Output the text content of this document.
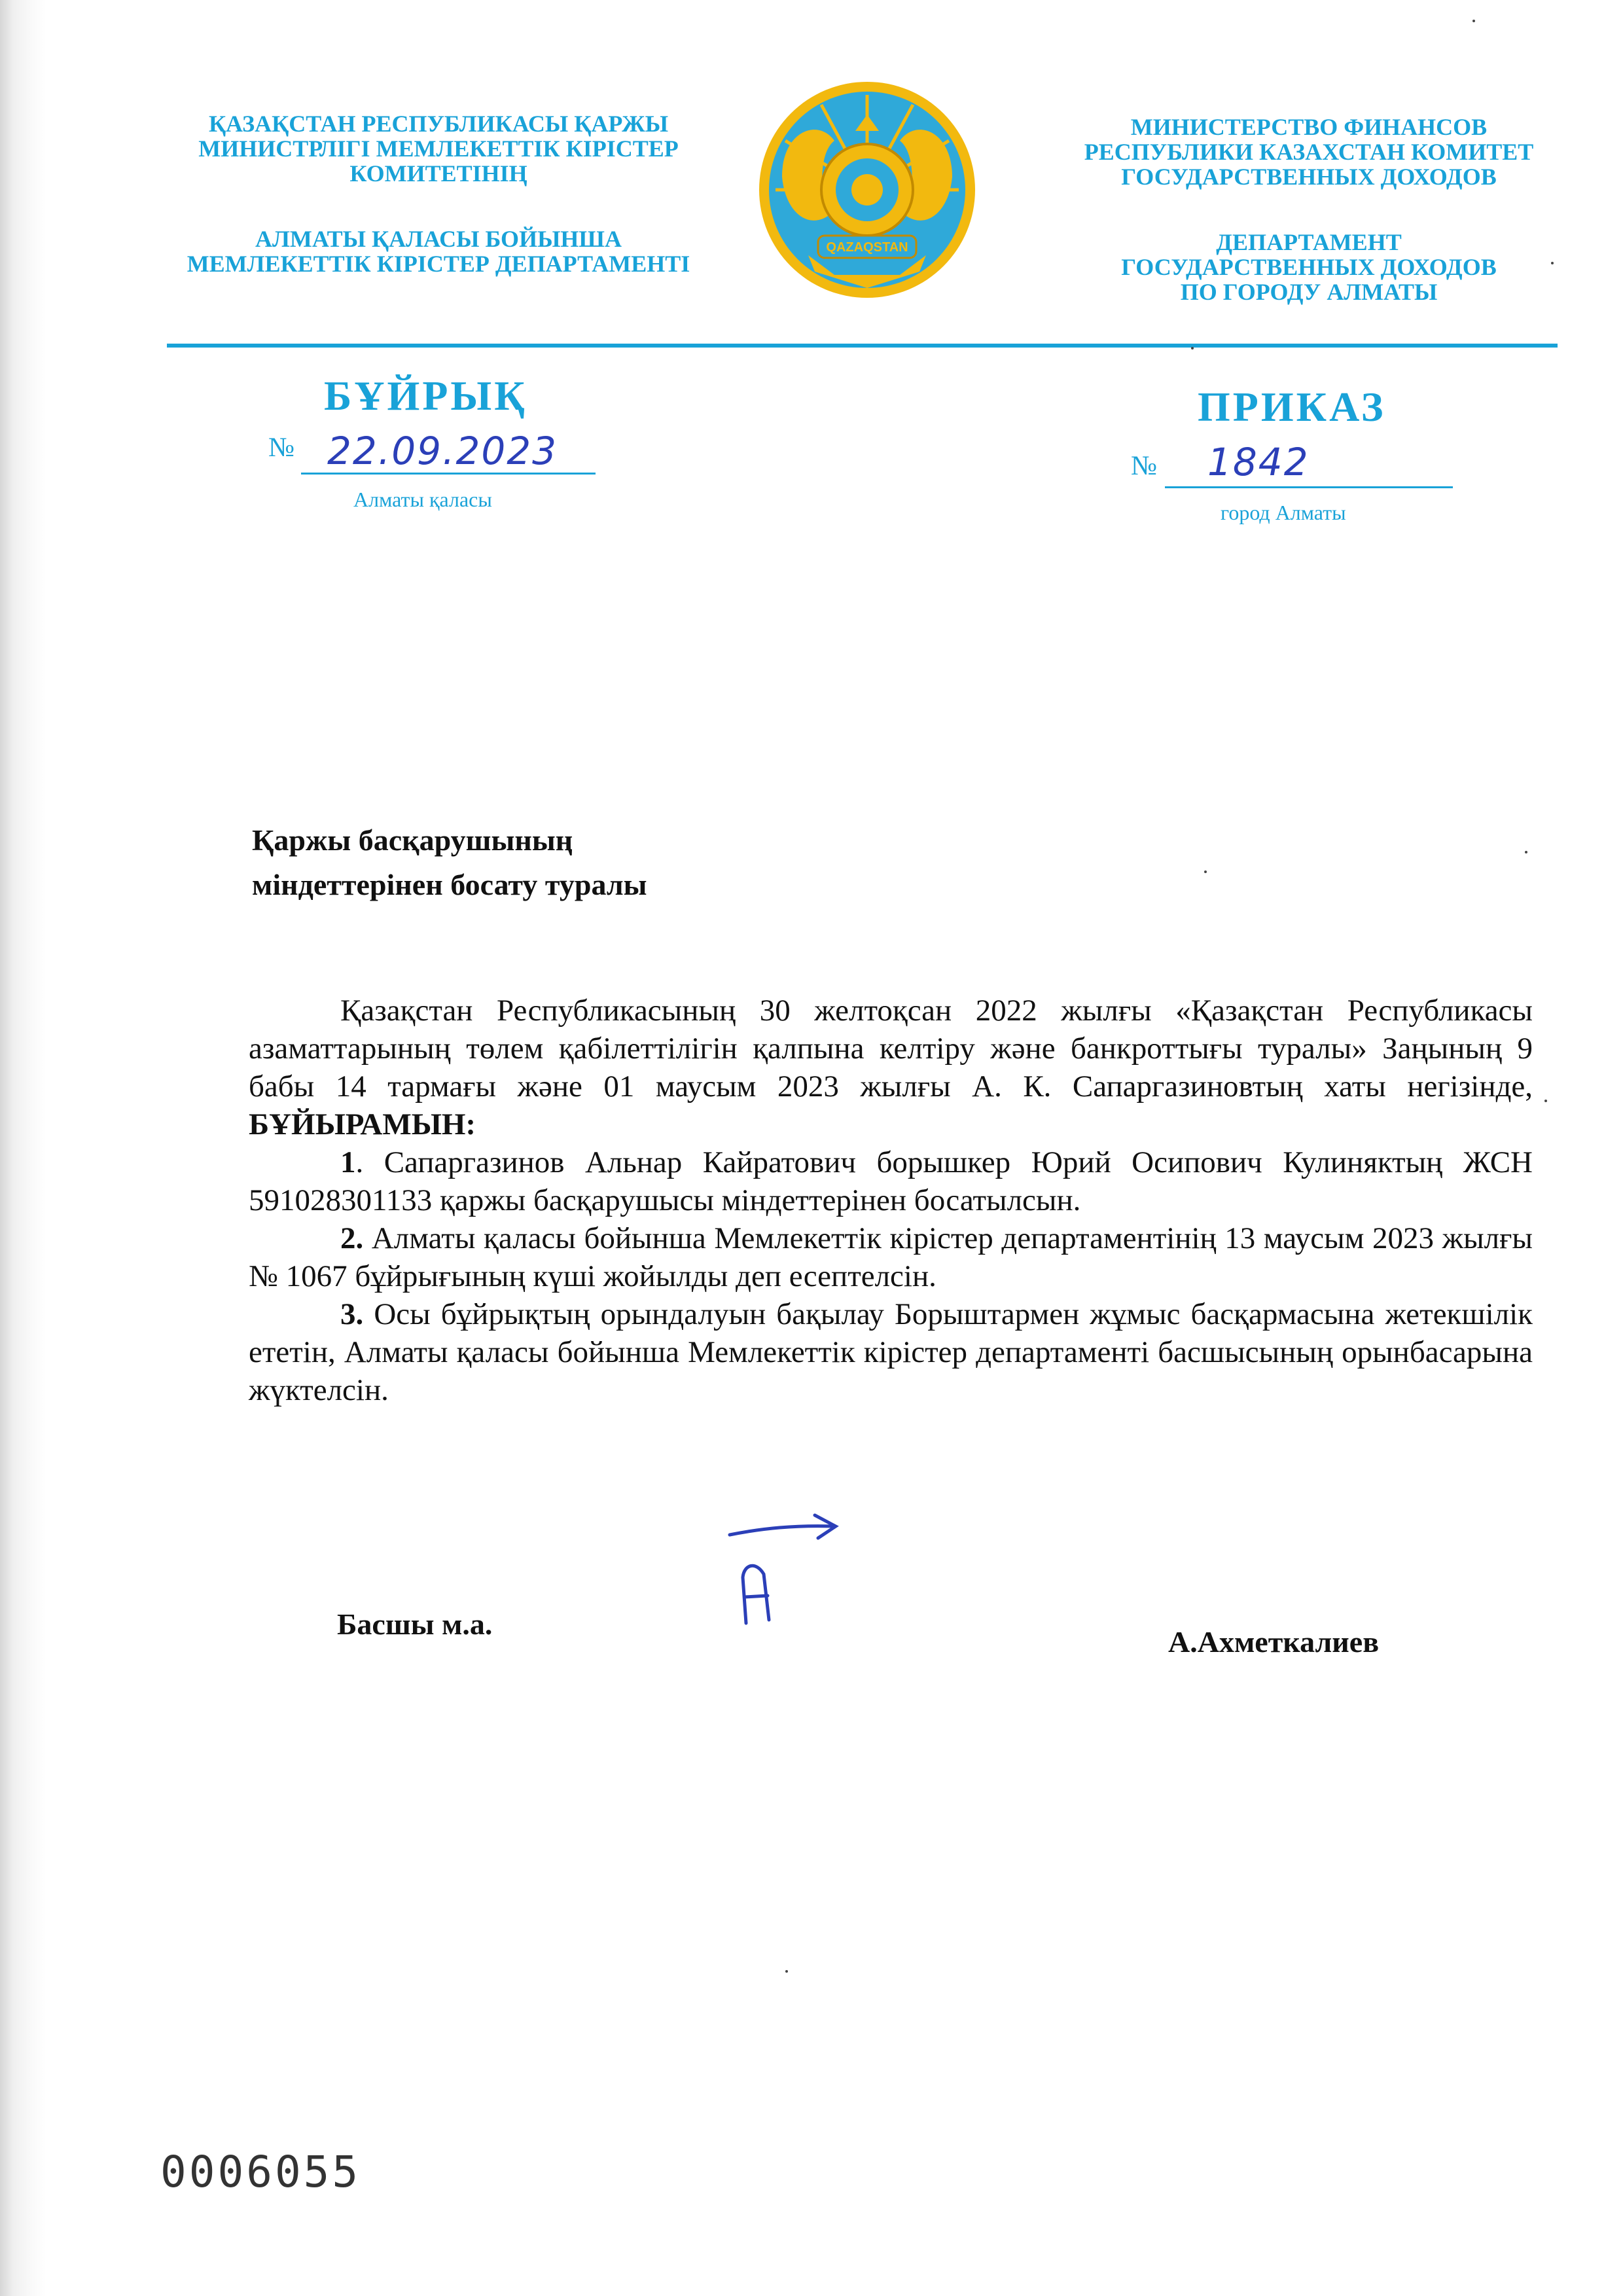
ҚАЗАҚСТАН РЕСПУБЛИКАСЫ ҚАРЖЫ
МИНИСТРЛІГІ МЕМЛЕКЕТТІК КІРІСТЕР
КОМИТЕТІНІҢ
АЛМАТЫ ҚАЛАСЫ БОЙЫНША
МЕМЛЕКЕТТІК КІРІСТЕР ДЕПАРТАМЕНТІ
QAZAQSTAN
МИНИСТЕРСТВО ФИНАНСОВ
РЕСПУБЛИКИ КАЗАХСТАН КОМИТЕТ
ГОСУДАРСТВЕННЫХ ДОХОДОВ
ДЕПАРТАМЕНТ
ГОСУДАРСТВЕННЫХ ДОХОДОВ
ПО ГОРОДУ АЛМАТЫ
БҰЙРЫҚ	ПРИКАЗ
№ 22.09.2023
Алматы қаласы
№ 1842
город Алматы
Қаржы басқарушының
міндеттерінен босату туралы

Қазақстан Республикасының 30 желтоқсан 2022 жылғы «Қазақстан Республикасы азаматтарының төлем қабілеттілігін қалпына келтіру және банкроттығы туралы» Заңының 9 бабы 14 тармағы және 01 маусым 2023 жылғы А. К. Сапаргазиновтың хаты негізінде, БҰЙЫРАМЫН:

1. Сапаргазинов Альнар Кайратович борышкер Юрий Осипович Кулиняктың ЖСН 591028301133 қаржы басқарушысы міндеттерінен босатылсын.

2. Алматы қаласы бойынша Мемлекеттік кірістер департаментінің 13 маусым 2023 жылғы № 1067 бұйрығының күші жойылды деп есептелсін.

3. Осы бұйрықтың орындалуын бақылау Борыштармен жұмыс басқармасына жетекшілік ететін, Алматы қаласы бойынша Мемлекеттік кірістер департаменті басшысының орынбасарына жүктелсін.

Басшы м.а.
А.Ахметкалиев
0006055
